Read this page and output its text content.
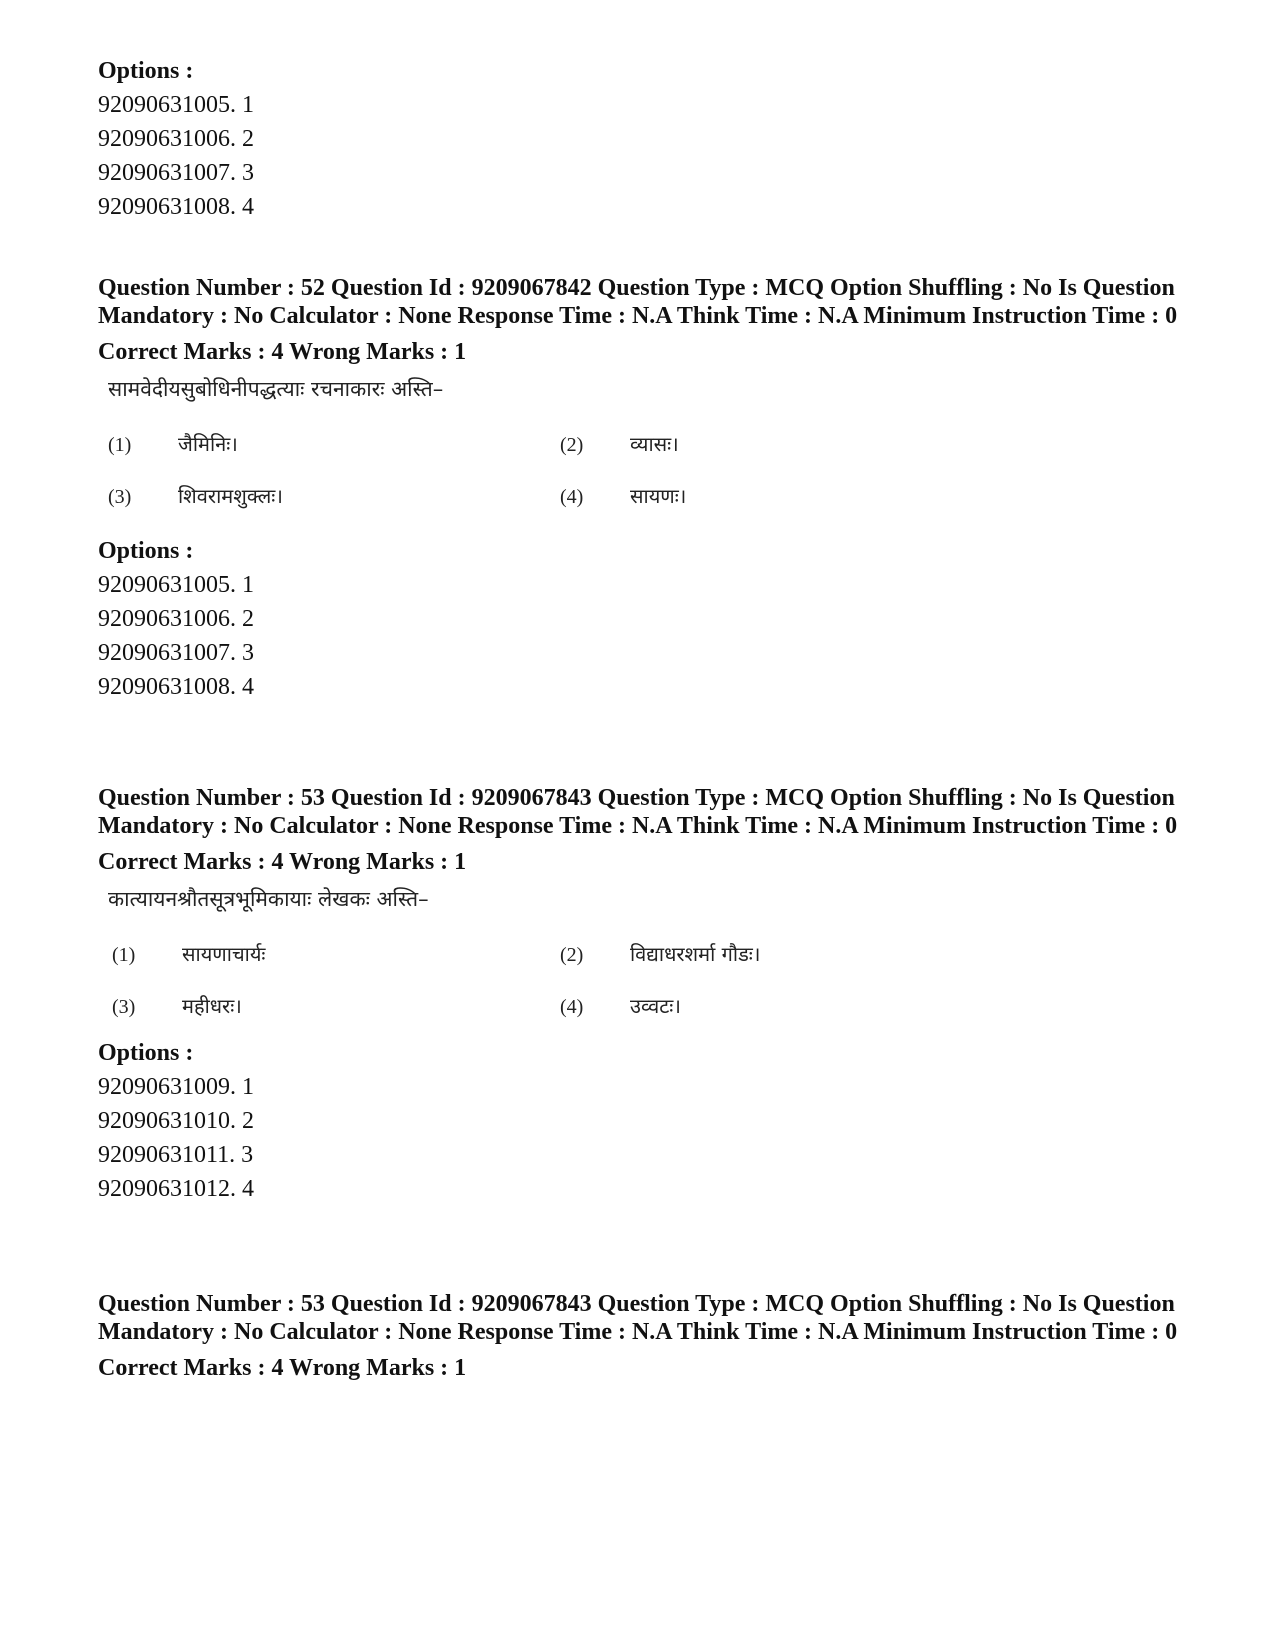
Options :

92090631005. 1

92090631006. 2

92090631007. 3

92090631008. 4

Question Number : 52 Question Id : 9209067842 Question Type : MCQ Option Shuffling : No Is Question Mandatory : No Calculator : None Response Time : N.A Think Time : N.A Minimum Instruction Time : 0

Correct Marks : 4 Wrong Marks : 1

सामवेदीयसुबोधिनीपद्धत्याः रचनाकारः अस्ति–

(1) जैमिनिः।	(2) व्यासः।
(3) शिवरामशुक्लः।	(4) सायणः।

Options :

92090631005. 1

92090631006. 2

92090631007. 3

92090631008. 4

Question Number : 53 Question Id : 9209067843 Question Type : MCQ Option Shuffling : No Is Question Mandatory : No Calculator : None Response Time : N.A Think Time : N.A Minimum Instruction Time : 0

Correct Marks : 4 Wrong Marks : 1

कात्यायनश्रौतसूत्रभूमिकायाः लेखकः अस्ति–

(1) सायणाचार्यः	(2) विद्याधरशर्मा गौडः।
(3) महीधरः।	(4) उव्वटः।

Options :

92090631009. 1

92090631010. 2

92090631011. 3

92090631012. 4

Question Number : 53 Question Id : 9209067843 Question Type : MCQ Option Shuffling : No Is Question Mandatory : No Calculator : None Response Time : N.A Think Time : N.A Minimum Instruction Time : 0

Correct Marks : 4 Wrong Marks : 1
